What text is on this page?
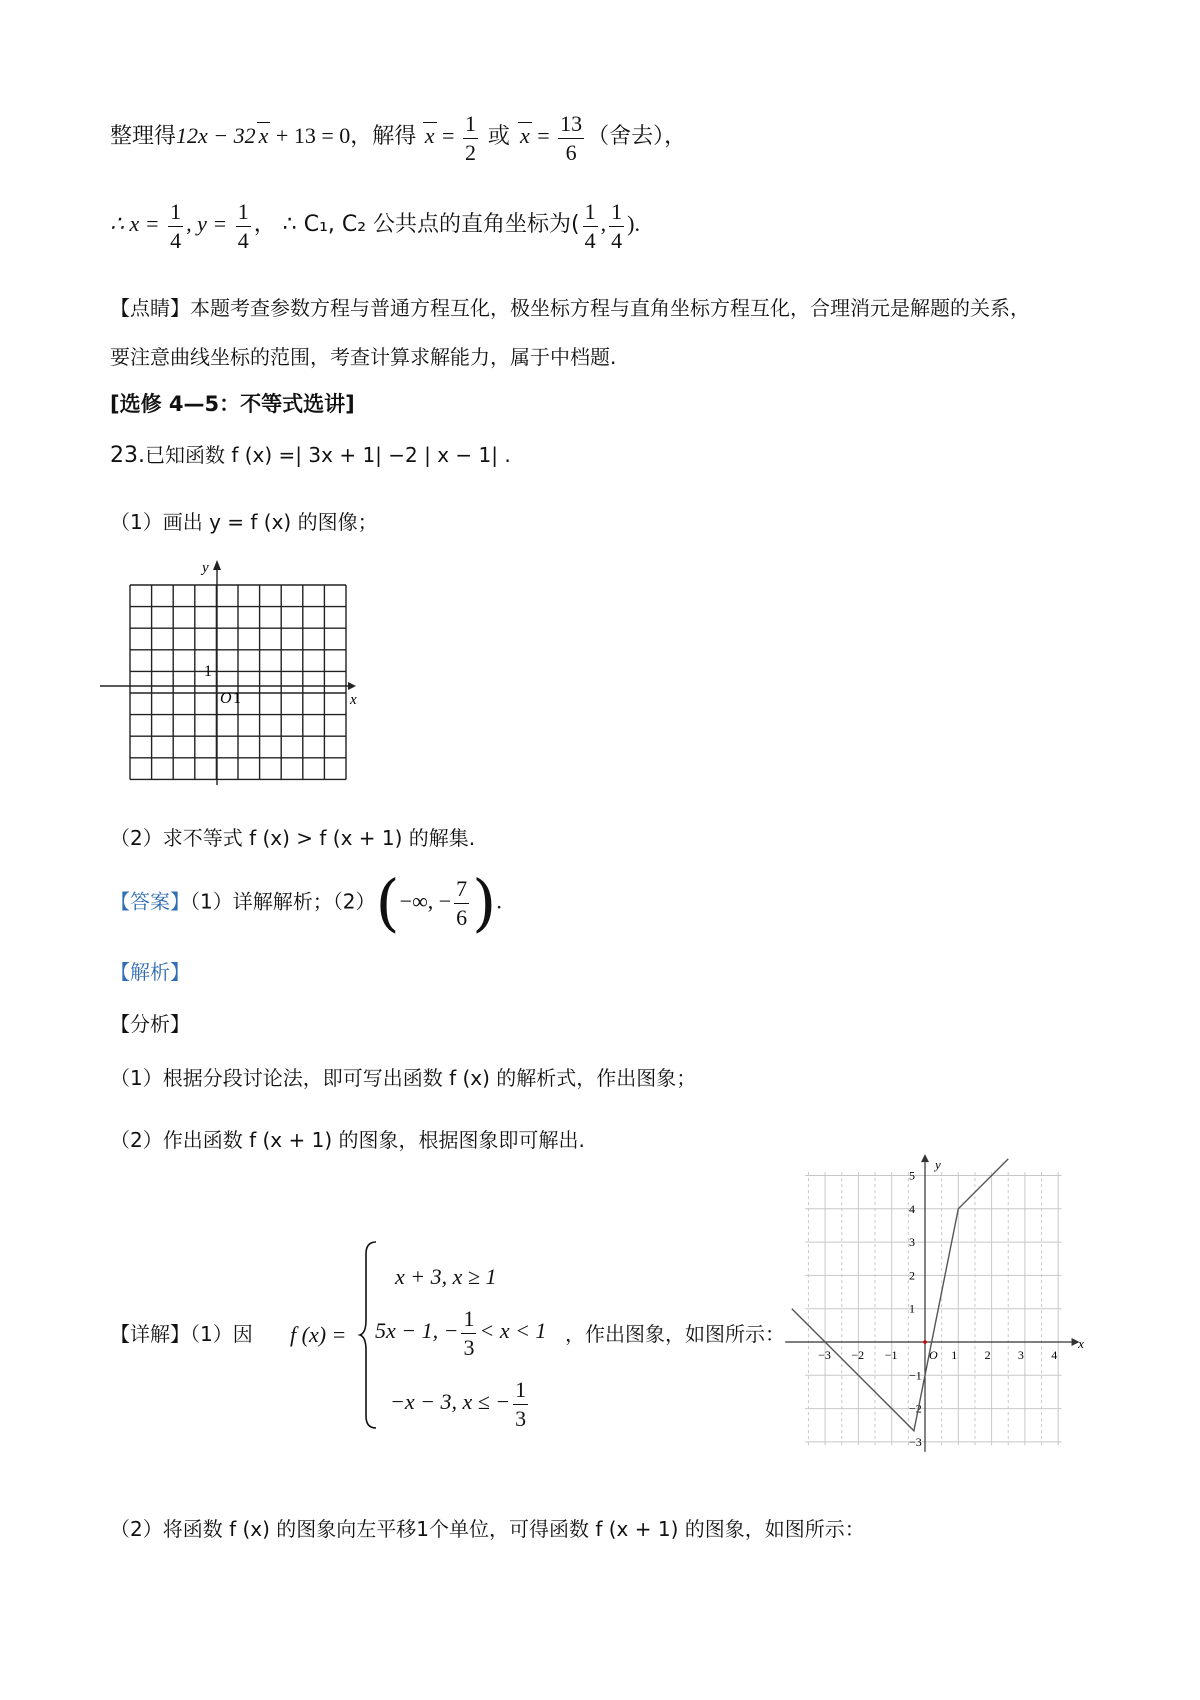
整理得12x − 32 x + 13 = 0，解得 $x = \frac{1}{2}$ 或 $x = \frac{13}{6}$ （舍去），
∴ $x = \frac{1}{4}$ , $y = \frac{1}{4}$ ， ∴ C₁, C₂ 公共点的直角坐标为( $\frac{1}{4}$ , $\frac{1}{4}$ ).
【点睛】本题考查参数方程与普通方程互化，极坐标方程与直角坐标方程互化，合理消元是解题的关系，
要注意曲线坐标的范围，考查计算求解能力，属于中档题.
[选修 4—5：不等式选讲]
23.已知函数 f (x) =| 3x + 1| −2 | x − 1| .
（1）画出 y = f (x) 的图像；
y
x
O 1
1
（2）求不等式 f (x) > f (x + 1) 的解集.
【答案】（1）详解解析；（2）(−∞, − $\frac{7}{6}$ ).
【解析】
【分析】
（1）根据分段讨论法，即可写出函数 f (x) 的解析式，作出图象；
（2）作出函数 f (x + 1) 的图象，根据图象即可解出.
【详解】（1）因 f (x) =
x + 3, x ≥ 1
5x − 1, − $\frac{1}{3} < x < 1$
−x − 3, x ≤ − $\frac{1}{3}$
，作出图象，如图所示：	x
y
−3 −2 −1	O 1 2 3 4
5
4
3
2
1
−1
−2
−3
（2）将函数 f (x) 的图象向左平移1个单位，可得函数 f (x + 1) 的图象，如图所示：
